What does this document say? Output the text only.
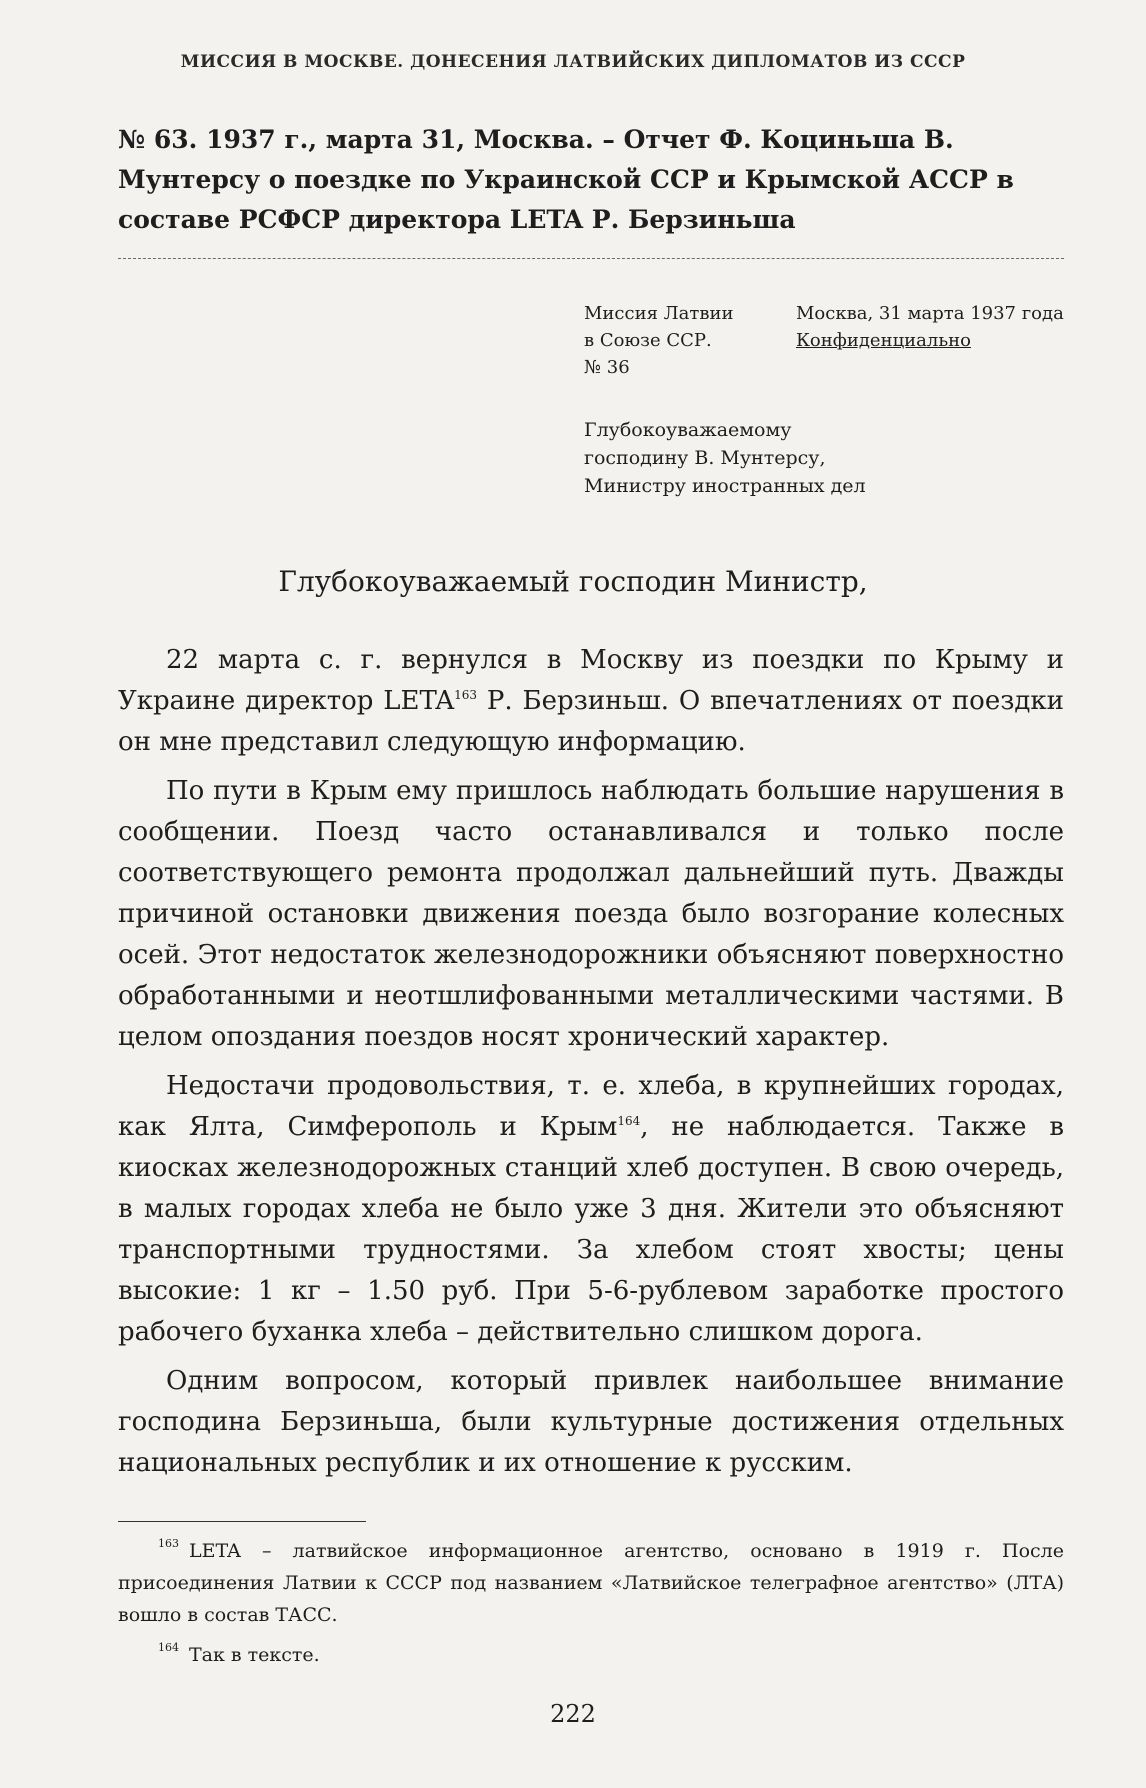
МИССИЯ В МОСКВЕ. ДОНЕСЕНИЯ ЛАТВИЙСКИХ ДИПЛОМАТОВ ИЗ СССР
№ 63. 1937 г., марта 31, Москва. – Отчет Ф. Коциньша В. Мунтерсу о поездке по Украинской ССР и Крымской АССР в составе РСФСР директора LETA Р. Берзиньша
Миссия Латвии	Москва, 31 марта 1937 года
в Союзе ССР.	Конфиденциально
№ 36
Глубокоуважаемому
господину В. Мунтерсу,
Министру иностранных дел
Глубокоуважаемый господин Министр,

22 марта с. г. вернулся в Москву из поездки по Крыму и Украине директор LETA$^{163}$ Р. Берзиньш. О впечатлениях от поездки он мне представил следующую информацию.

По пути в Крым ему пришлось наблюдать большие нарушения в сообщении. Поезд часто останавливался и только после соответствующего ремонта продолжал дальнейший путь. Дважды причиной остановки движения поезда было возгорание колесных осей. Этот недостаток железнодорожники объясняют поверхностно обработанными и неотшлифованными металлическими частями. В целом опоздания поездов носят хронический характер.

Недостачи продовольствия, т. е. хлеба, в крупнейших городах, как Ялта, Симферополь и Крым$^{164}$, не наблюдается. Также в киосках железнодорожных станций хлеб доступен. В свою очередь, в малых городах хлеба не было уже 3 дня. Жители это объясняют транспортными трудностями. За хлебом стоят хвосты; цены высокие: 1 кг – 1.50 руб. При 5-6-рублевом заработке простого рабочего буханка хлеба – действительно слишком дорога.

Одним вопросом, который привлек наибольшее внимание господина Берзиньша, были культурные достижения отдельных национальных республик и их отношение к русским.

$^{163}$ LETA – латвийское информационное агентство, основано в 1919 г. После присоединения Латвии к СССР под названием «Латвийское телеграфное агентство» (ЛТА) вошло в состав ТАСС.

$^{164}$ Так в тексте.

222
